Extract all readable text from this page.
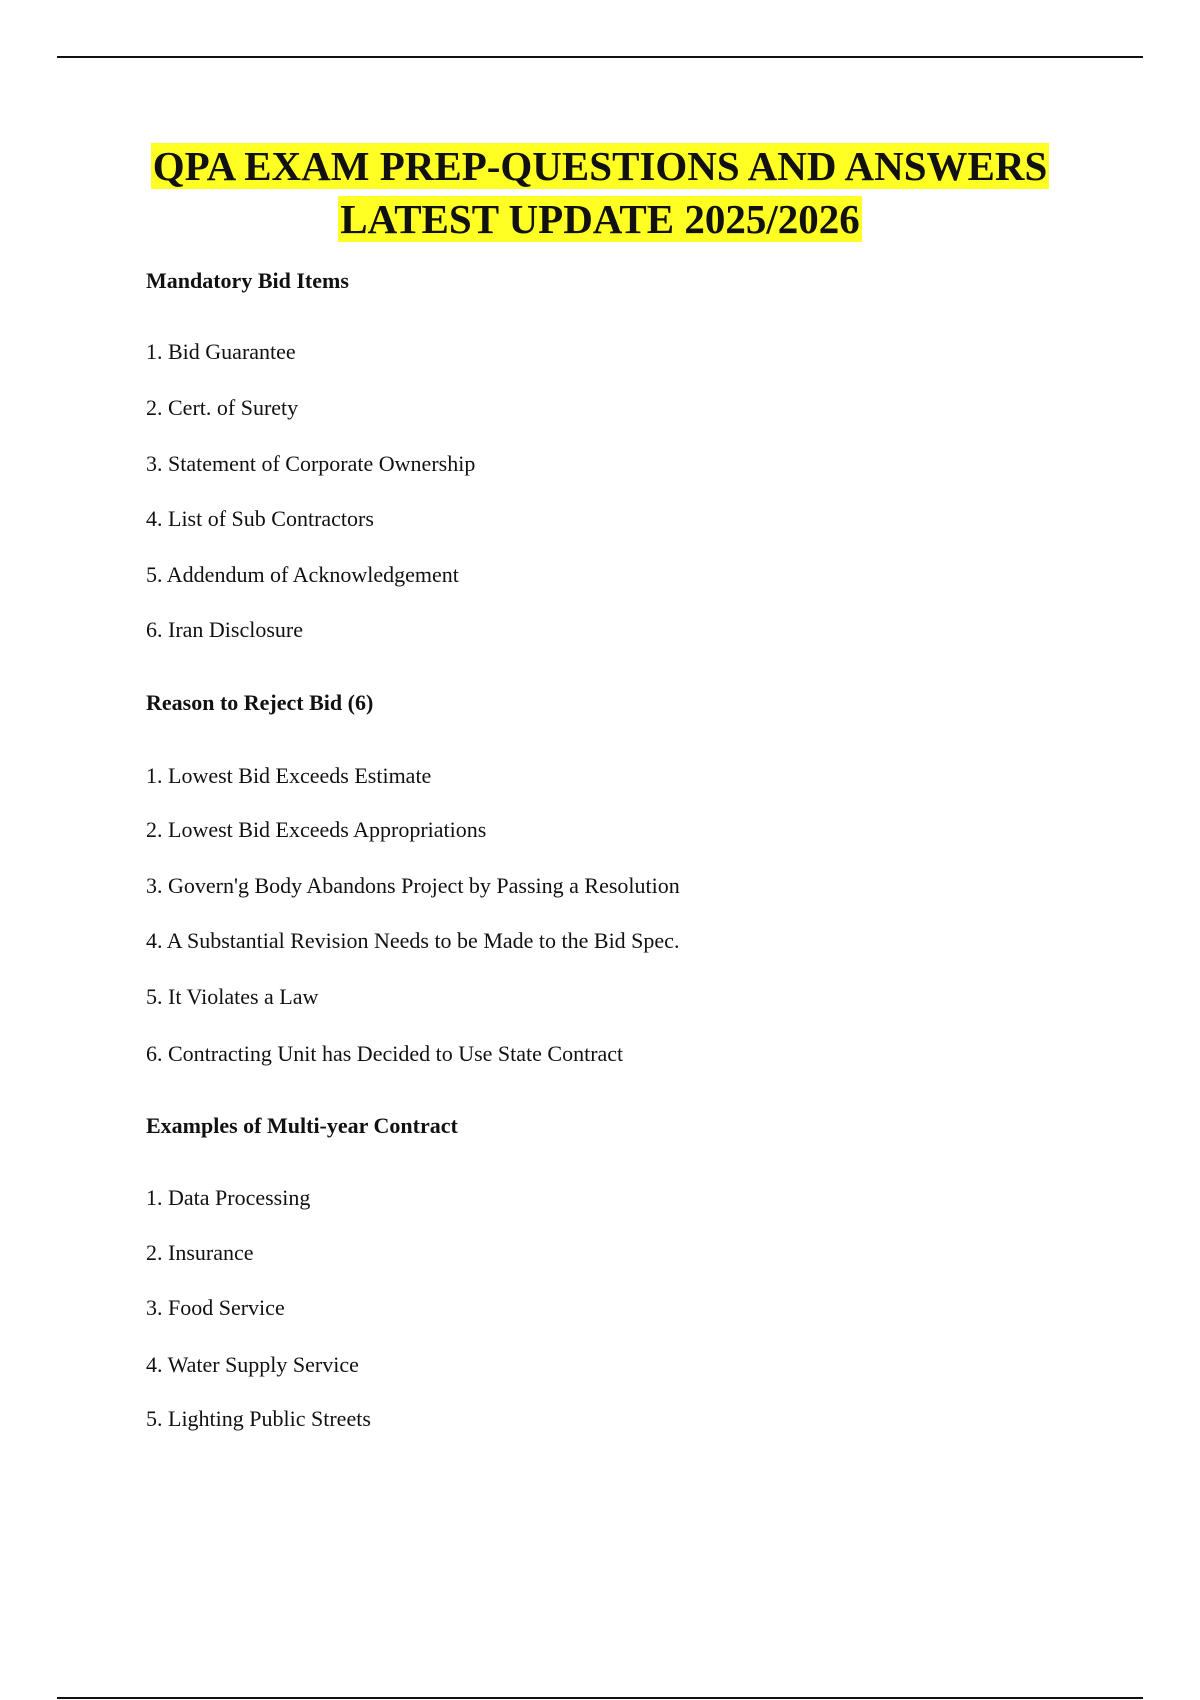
QPA EXAM PREP-QUESTIONS AND ANSWERS
LATEST UPDATE 2025/2026
Mandatory Bid Items
1. Bid Guarantee
2. Cert. of Surety
3. Statement of Corporate Ownership
4. List of Sub Contractors
5. Addendum of Acknowledgement
6. Iran Disclosure
Reason to Reject Bid (6)
1. Lowest Bid Exceeds Estimate
2. Lowest Bid Exceeds Appropriations
3. Govern'g Body Abandons Project by Passing a Resolution
4. A Substantial Revision Needs to be Made to the Bid Spec.
5. It Violates a Law
6. Contracting Unit has Decided to Use State Contract
Examples of Multi-year Contract
1. Data Processing
2. Insurance
3. Food Service
4. Water Supply Service
5. Lighting Public Streets
